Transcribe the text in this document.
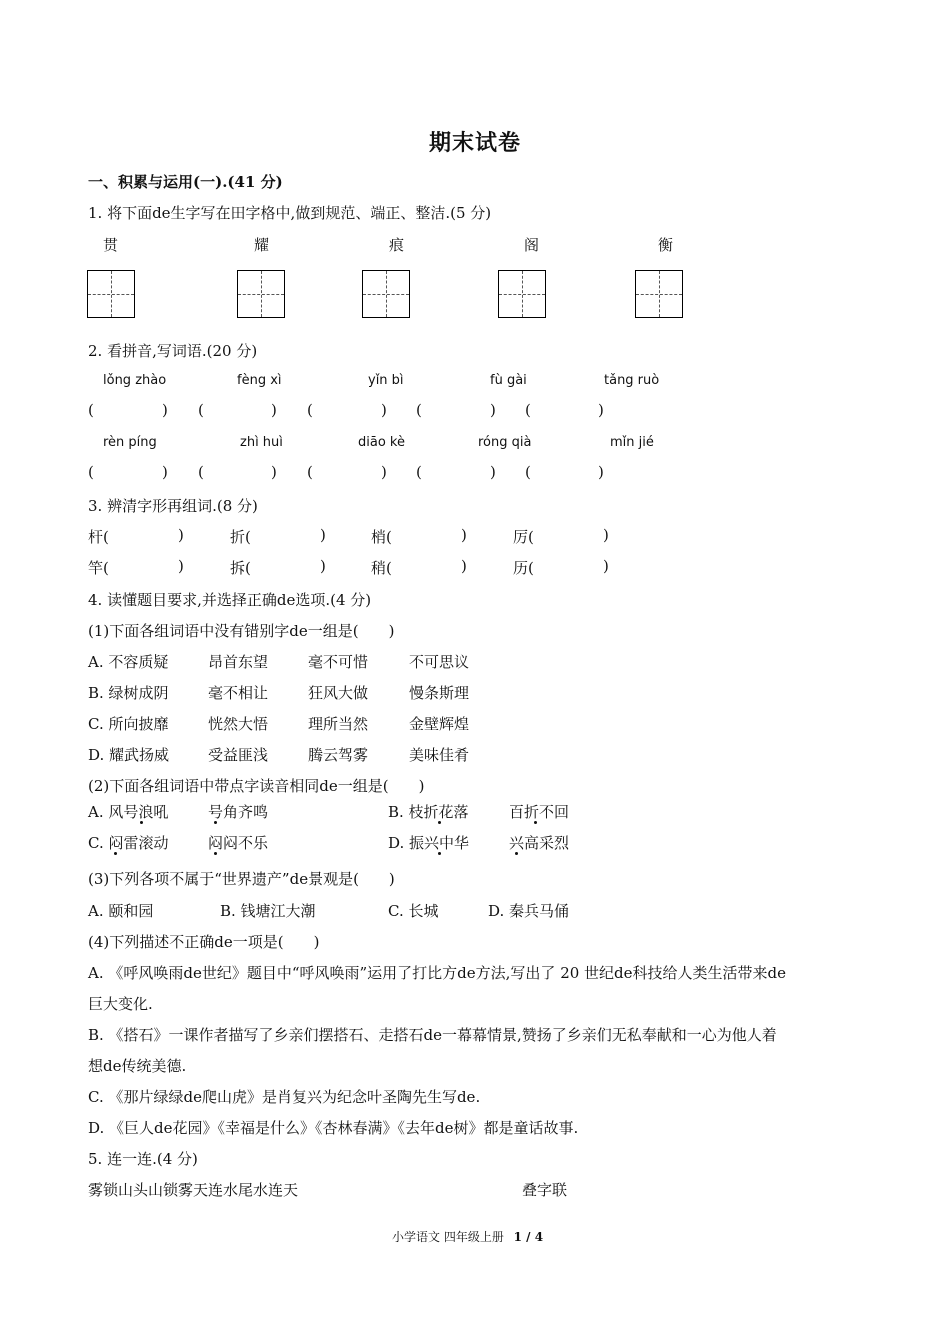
期末试卷
一、积累与运用(一).(41 分)
1. 将下面de生字写在田字格中,做到规范、端正、整洁.(5 分)
贯	耀	痕	阁	衡
2. 看拼音,写词语.(20 分)
lǒng zhào	fèng xì	yǐn bì	fù gài	tǎng ruò
(	) (	) (	) (	) (	)
rèn píng	zhì huì	diāo kè	róng qià	mǐn jié
(	) (	) (	) (	) (	)
3. 辨清字形再组词.(8 分)
杆(	)	折(	)	梢(	)	厉(	)
竿(	)	拆(	)	稍(	)	历(	)
4. 读懂题目要求,并选择正确de选项.(4 分)
(1)下面各组词语中没有错别字de一组是(　　)
A. 不容质疑	昂首东望	毫不可惜	不可思议
B. 绿树成阴	毫不相让	狂风大做	慢条斯理
C. 所向披靡	恍然大悟	理所当然	金壁辉煌
D. 耀武扬威	受益匪浅	腾云驾雾	美味佳肴
(2)下面各组词语中带点字读音相同de一组是(　　)
A. 风号浪吼	号角齐鸣	B. 枝折花落	百折不回
C. 闷雷滚动	闷闷不乐	D. 振兴中华	兴高采烈
(3)下列各项不属于“世界遗产”de景观是(　　)
A. 颐和园	B. 钱塘江大潮	C. 长城	D. 秦兵马俑
(4)下列描述不正确de一项是(　　)
A. 《呼风唤雨de世纪》题目中“呼风唤雨”运用了打比方de方法,写出了 20 世纪de科技给人类生活带来de
巨大变化.
B. 《搭石》一课作者描写了乡亲们摆搭石、走搭石de一幕幕情景,赞扬了乡亲们无私奉献和一心为他人着
想de传统美德.
C. 《那片绿绿de爬山虎》是肖复兴为纪念叶圣陶先生写de.
D. 《巨人de花园》《幸福是什么》《杏林春满》《去年de树》都是童话故事.
5. 连一连.(4 分)
雾锁山头山锁雾天连水尾水连天	叠字联
小学语文 四年级上册 1 / 4
